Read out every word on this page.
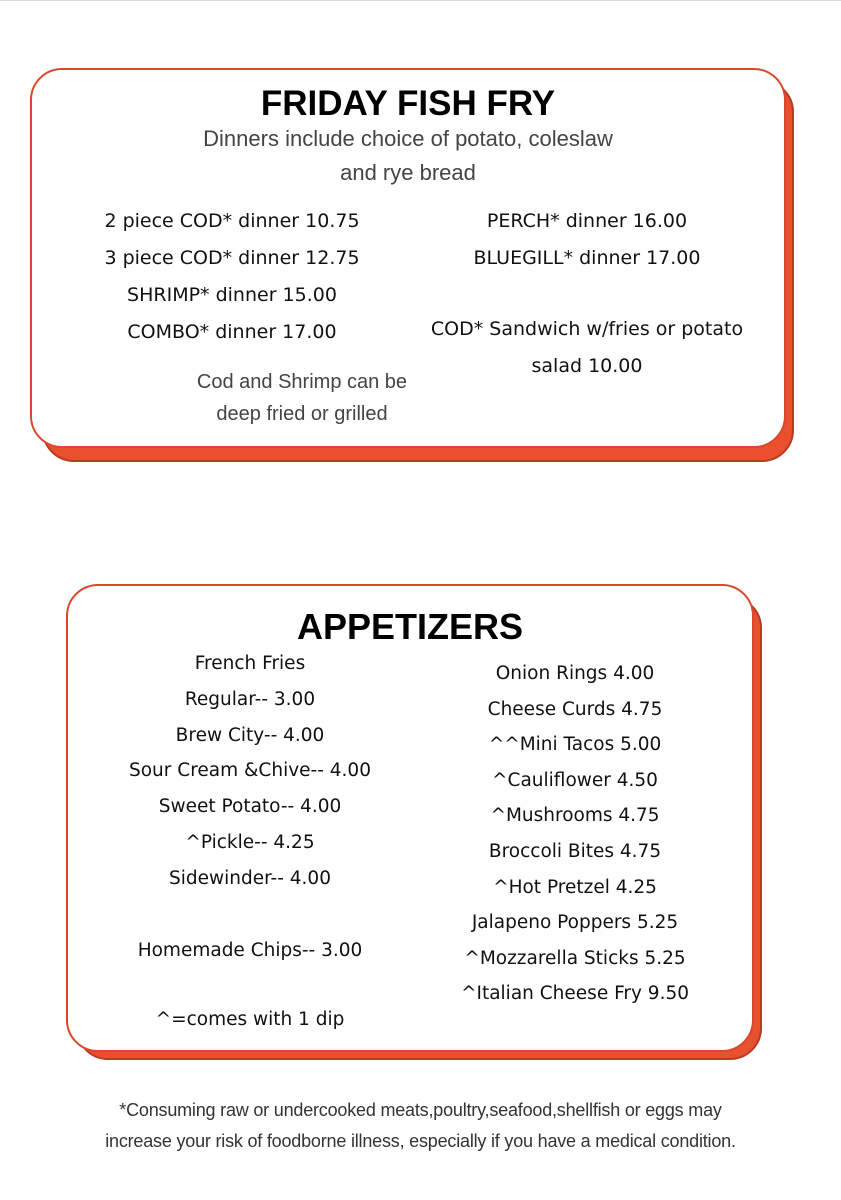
FRIDAY FISH FRY
Dinners include choice of potato, coleslaw
and rye bread
2 piece COD* dinner 10.75
3 piece COD* dinner 12.75
SHRIMP* dinner 15.00
COMBO* dinner 17.00
PERCH* dinner 16.00
BLUEGILL* dinner 17.00
COD* Sandwich w/fries or potato
salad 10.00
Cod and Shrimp can be
deep fried or grilled
APPETIZERS
French Fries
Regular-- 3.00
Brew City-- 4.00
Sour Cream &Chive-- 4.00
Sweet Potato-- 4.00
^Pickle-- 4.25
Sidewinder-- 4.00
Homemade Chips-- 3.00
^=comes with 1 dip
Onion Rings 4.00
Cheese Curds 4.75
^^Mini Tacos 5.00
^Cauliflower 4.50
^Mushrooms 4.75
Broccoli Bites 4.75
^Hot Pretzel 4.25
Jalapeno Poppers 5.25
^Mozzarella Sticks 5.25
^Italian Cheese Fry 9.50
*Consuming raw or undercooked meats,poultry,seafood,shellfish or eggs may
increase your risk of foodborne illness, especially if you have a medical condition.
